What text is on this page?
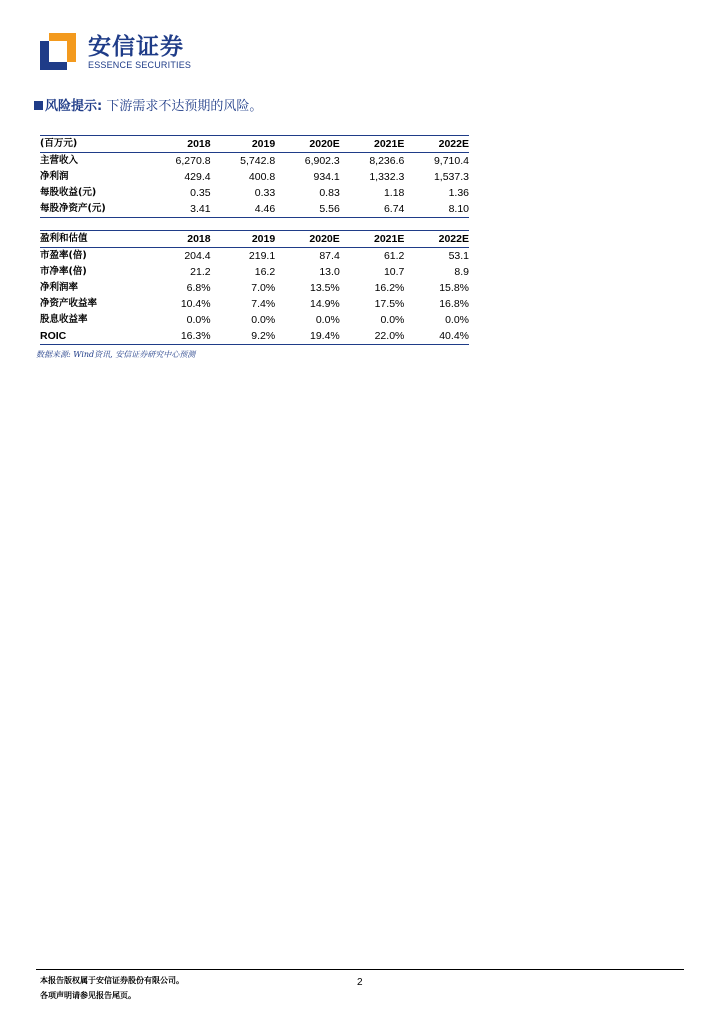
安信证券
ESSENCE SECURITIES
风险提示: 下游需求不达预期的风险。
(百万元)	2018	2019	2020E	2021E	2022E
主营收入	6,270.8	5,742.8	6,902.3	8,236.6	9,710.4
净利润	429.4	400.8	934.1	1,332.3	1,537.3
每股收益(元)	0.35	0.33	0.83	1.18	1.36
每股净资产(元)	3.41	4.46	5.56	6.74	8.10
盈利和估值	2018	2019	2020E	2021E	2022E
市盈率(倍)	204.4	219.1	87.4	61.2	53.1
市净率(倍)	21.2	16.2	13.0	10.7	8.9
净利润率	6.8%	7.0%	13.5%	16.2%	15.8%
净资产收益率	10.4%	7.4%	14.9%	17.5%	16.8%
股息收益率	0.0%	0.0%	0.0%	0.0%	0.0%
ROIC	16.3%	9.2%	19.4%	22.0%	40.4%
数据来源: Wind资讯, 安信证券研究中心预测
本报告版权属于安信证券股份有限公司。
各项声明请参见报告尾页。
2
